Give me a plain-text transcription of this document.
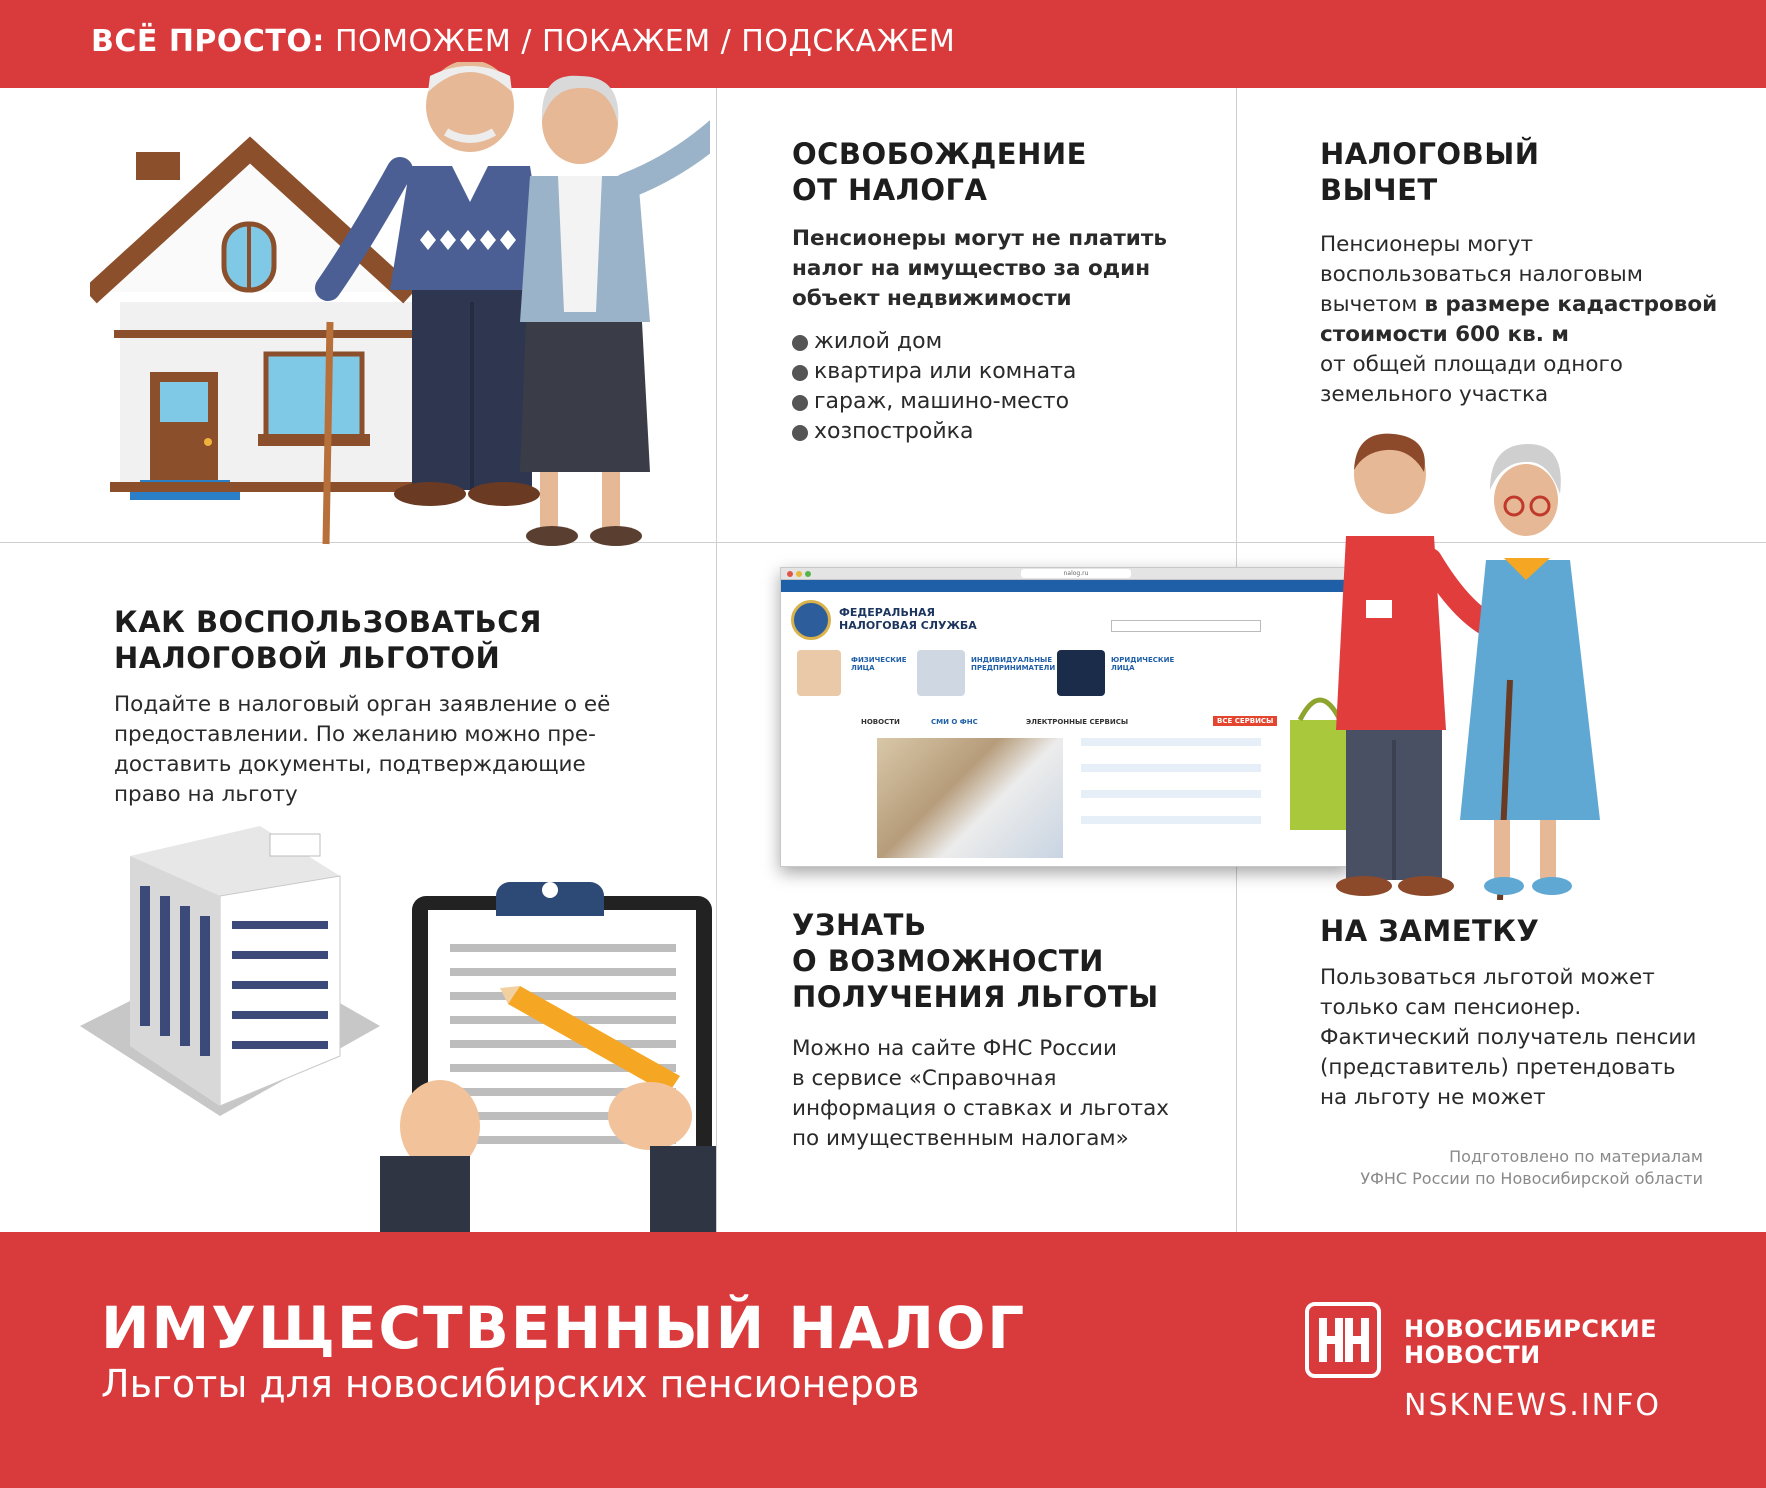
ВСЁ ПРОСТО: ПОМОЖЕМ / ПОКАЖЕМ / ПОДСКАЖЕМ
ОСВОБОЖДЕНИЕ
ОТ НАЛОГА
Пенсионеры могут не платить
налог на имущество за один
объект недвижимости
жилой дом
квартира или комната
гараж, машино-место
хозпостройка
НАЛОГОВЫЙ
ВЫЧЕТ
Пенсионеры могут
воспользоваться налоговым
вычетом в размере кадастровой
стоимости 600 кв. м
от общей площади одного
земельного участка
КАК ВОСПОЛЬЗОВАТЬСЯ
НАЛОГОВОЙ ЛЬГОТОЙ
Подайте в налоговый орган заявление о её
предоставлении. По желанию можно пре-
доставить документы, подтверждающие
право на льготу
nalog.ru
ФЕДЕРАЛЬНАЯ
НАЛОГОВАЯ СЛУЖБА
ФИЗИЧЕСКИЕ ЛИЦА
ИНДИВИДУАЛЬНЫЕ ПРЕДПРИНИМАТЕЛИ
ЮРИДИЧЕСКИЕ ЛИЦА
НОВОСТИ	СМИ О ФНС	ЭЛЕКТРОННЫЕ СЕРВИСЫ	ВСЕ СЕРВИСЫ
УЗНАТЬ
О ВОЗМОЖНОСТИ
ПОЛУЧЕНИЯ ЛЬГОТЫ
Можно на сайте ФНС России
в сервисе «Справочная
информация о ставках и льготах
по имущественным налогам»
НА ЗАМЕТКУ
Пользоваться льготой может
только сам пенсионер.
Фактический получатель пенсии
(представитель) претендовать
на льготу не может
Подготовлено по материалам
УФНС России по Новосибирской области
ИМУЩЕСТВЕННЫЙ НАЛОГ
Льготы для новосибирских пенсионеров
НОВОСИБИРСКИЕ
НОВОСТИ
NSKNEWS.INFO
